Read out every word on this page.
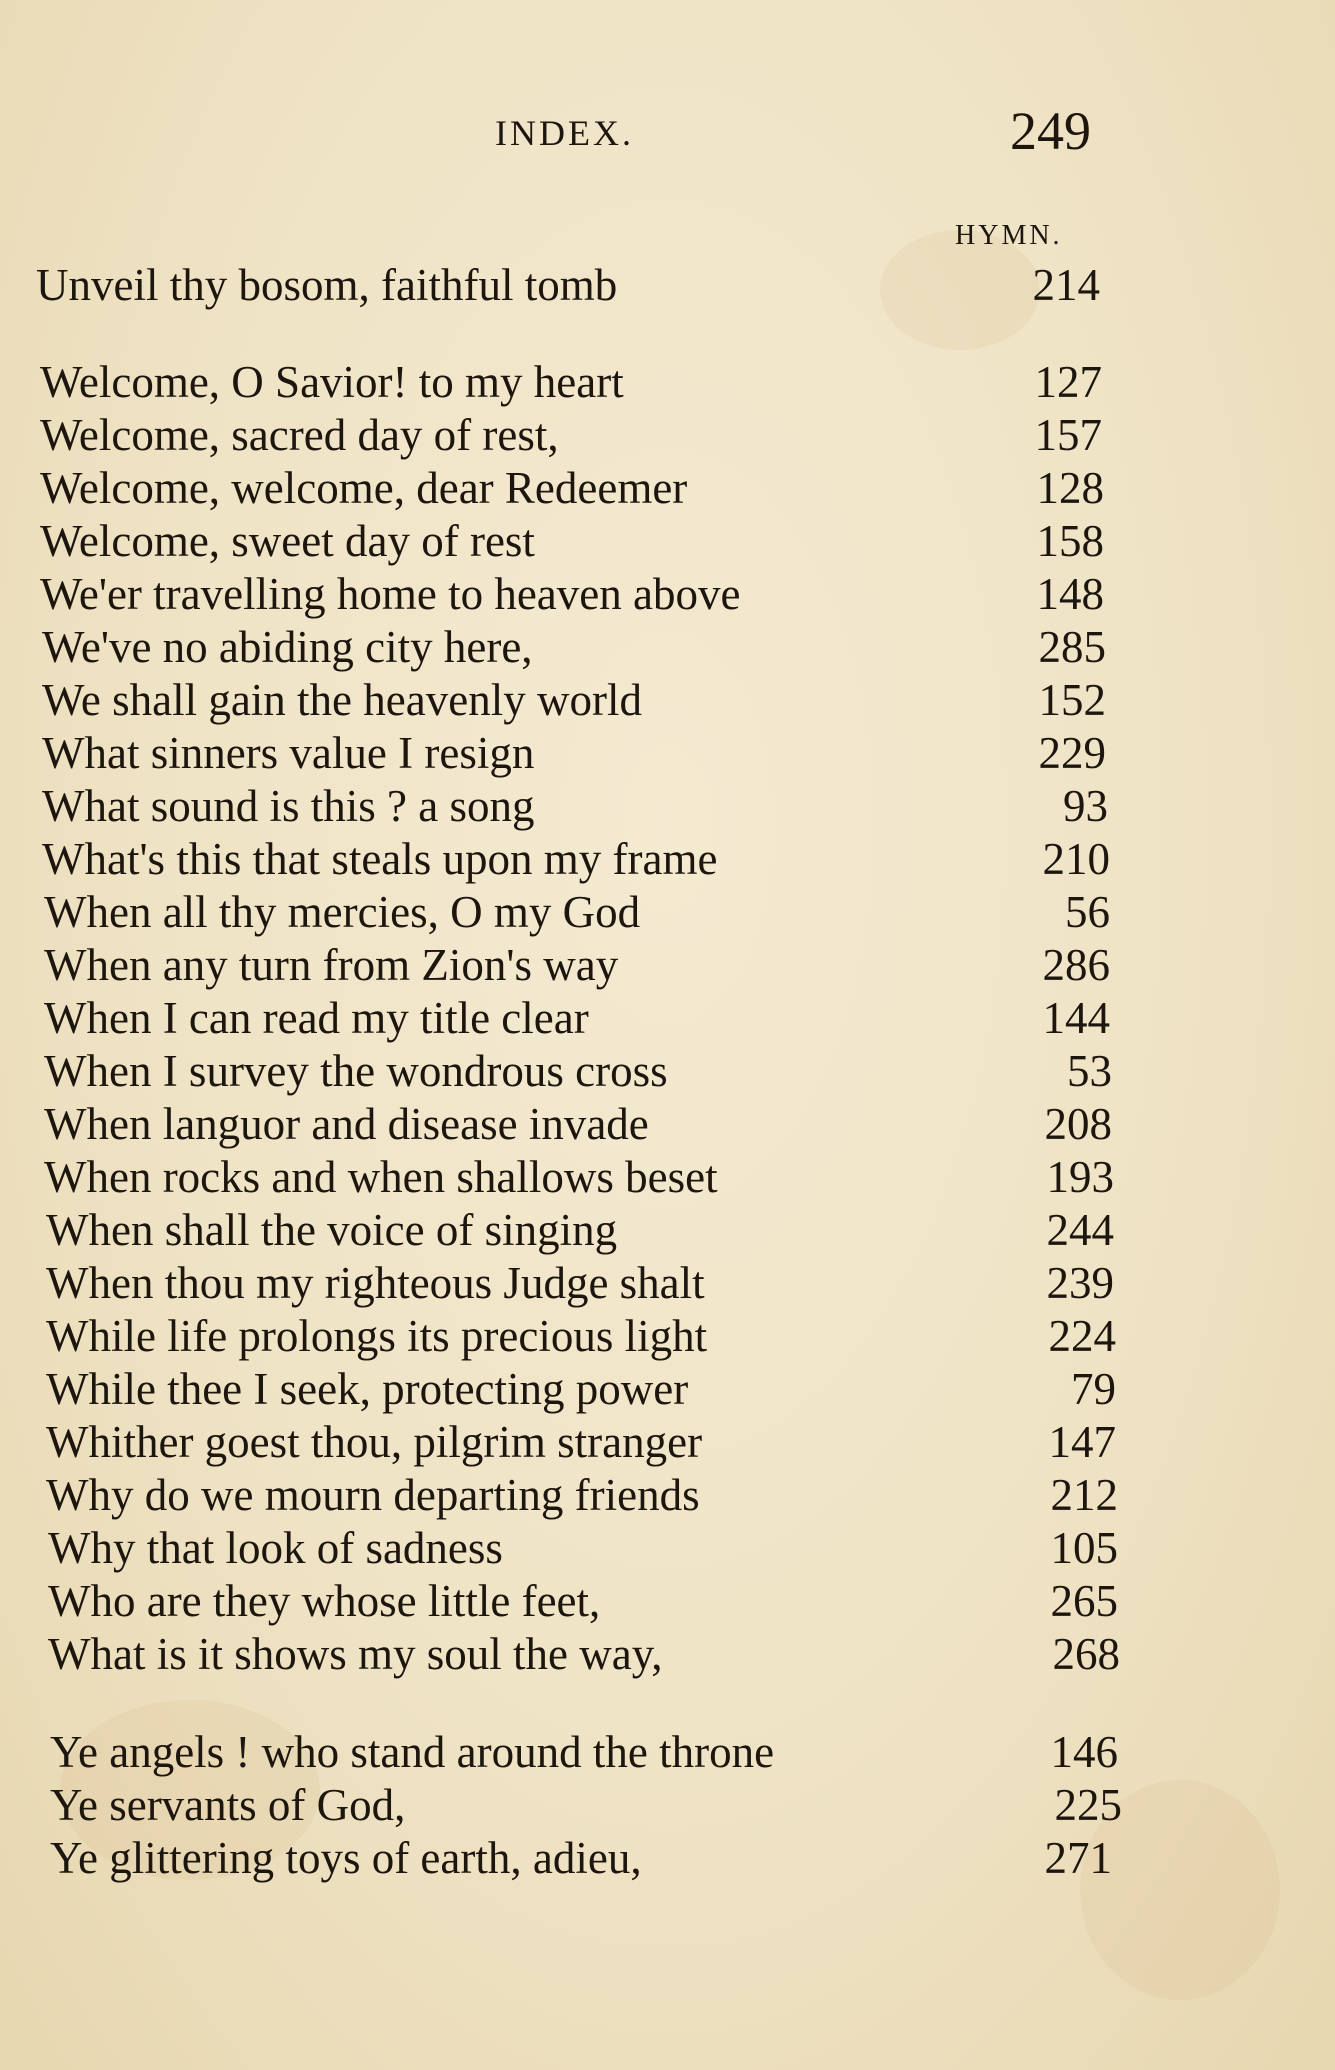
INDEX.	249
HYMN.
Unveil thy bosom, faithful tomb	214
Welcome, O Savior! to my heart	127
Welcome, sacred day of rest,	157
Welcome, welcome, dear Redeemer	128
Welcome, sweet day of rest	158
We'er travelling home to heaven above	148
We've no abiding city here,	285
We shall gain the heavenly world	152
What sinners value I resign	229
What sound is this ? a song	93
What's this that steals upon my frame	210
When all thy mercies, O my God	56
When any turn from Zion's way	286
When I can read my title clear	144
When I survey the wondrous cross	53
When languor and disease invade	208
When rocks and when shallows beset	193
When shall the voice of singing	244
When thou my righteous Judge shalt	239
While life prolongs its precious light	224
While thee I seek, protecting power	79
Whither goest thou, pilgrim stranger	147
Why do we mourn departing friends	212
Why that look of sadness	105
Who are they whose little feet,	265
What is it shows my soul the way,	268
Ye angels ! who stand around the throne	146
Ye servants of God,	225
Ye glittering toys of earth, adieu,	271
